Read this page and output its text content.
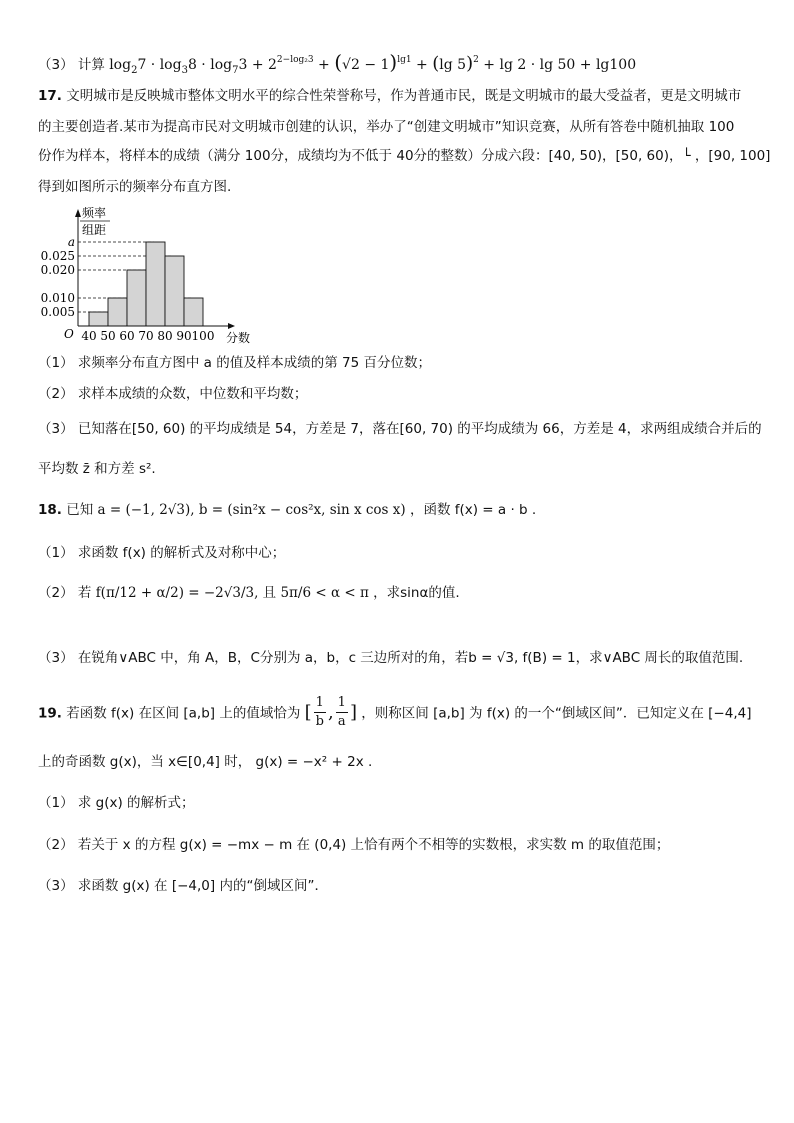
（3） 计算 $\log_27 \cdot \log_38 \cdot \log_73 + 2^{2-log_23} + (√2 - 1)^{lg1} + (\lg$ 5)$^2$ + lg 2 · lg 50 + lg100
17. 文明城市是反映城市整体文明水平的综合性荣誉称号，作为普通市民，既是文明城市的最大受益者，更是文明城市
的主要创造者.某市为提高市民对文明城市创建的认识，举办了“创建文明城市”知识竞赛，从所有答卷中随机抽取 100
份作为样本，将样本的成绩（满分 100分，成绩均为不低于 40分的整数）分成六段：[40, 50)，[50, 60)，└ ，[90, 100]
得到如图所示的频率分布直方图.
频率
组距
0.005
0.010
0.020
0.025
a
40 50 60 70 80 90 100 分数
O
（1） 求频率分布直方图中 a 的值及样本成绩的第 75 百分位数；
（2） 求样本成绩的众数，中位数和平均数；
（3） 已知落在[50, 60) 的平均成绩是 54，方差是 7，落在[60, 70) 的平均成绩为 66，方差是 4，求两组成绩合并后的
平均数 z̄ 和方差 s².
18. 已知 a = (−1, 2√3), b = (sin²x − cos²x, sin x cos x) ，函数 f(x) = a · b .
（1） 求函数 f(x) 的解析式及对称中心；
（2） 若 f(π/12 + α/2) = −2√3/3, 且 5π/6 < α < π ，求sinα的值.
（3） 在锐角∨ABC 中，角 A，B，C分别为 a，b，c 三边所对的角，若b = √3, f(B) = 1，求∨ABC 周长的取值范围.
19. 若函数 f(x) 在区间 [a,b] 上的值域恰为 [ $\frac{1}{b}$ , $\frac{1}{a}$ ] ，则称区间 [a,b] 为 f(x) 的一个“倒域区间”．已知定义在 [−4,4]
上的奇函数 g(x)，当 x∈[0,4] 时， g(x) = −x² + 2x .
（1） 求 g(x) 的解析式；
（2） 若关于 x 的方程 g(x) = −mx − m 在 (0,4) 上恰有两个不相等的实数根，求实数 m 的取值范围；
（3） 求函数 g(x) 在 [−4,0] 内的“倒域区间”．
